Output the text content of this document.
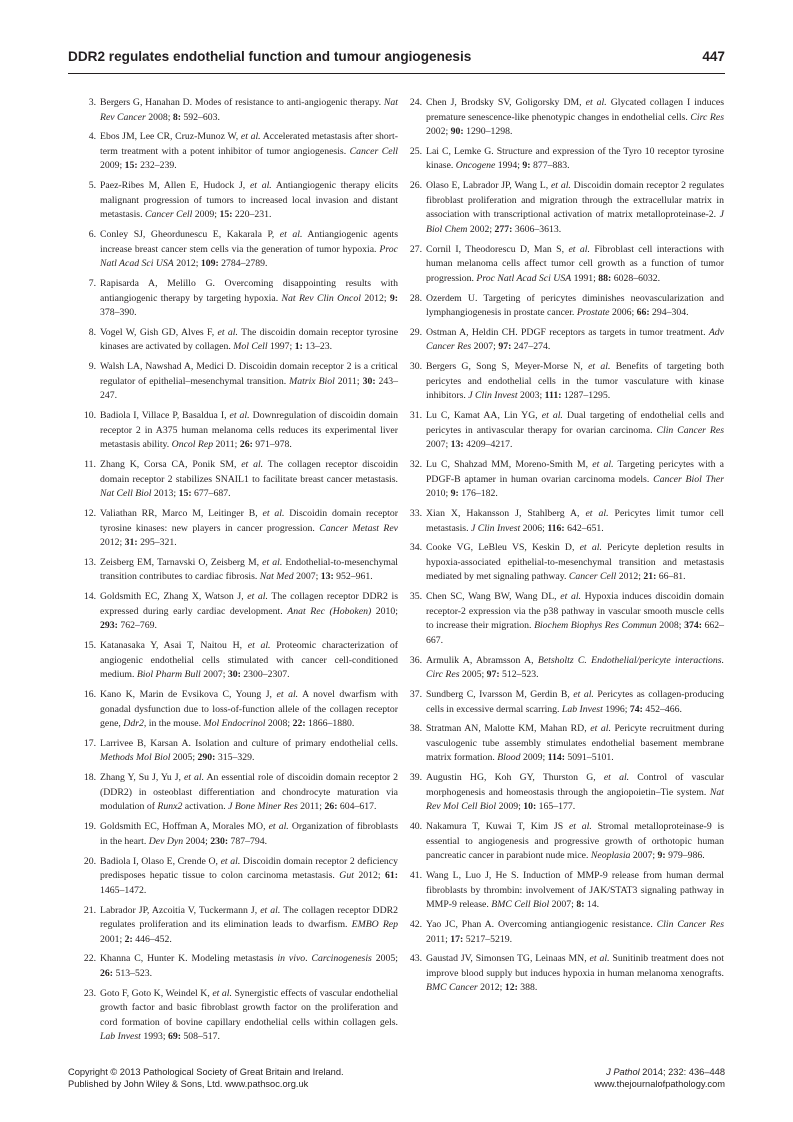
DDR2 regulates endothelial function and tumour angiogenesis	447
3. Bergers G, Hanahan D. Modes of resistance to anti-angiogenic therapy. Nat Rev Cancer 2008; 8: 592–603.
4. Ebos JM, Lee CR, Cruz-Munoz W, et al. Accelerated metastasis after short-term treatment with a potent inhibitor of tumor angiogenesis. Cancer Cell 2009; 15: 232–239.
5. Paez-Ribes M, Allen E, Hudock J, et al. Antiangiogenic therapy elicits malignant progression of tumors to increased local invasion and distant metastasis. Cancer Cell 2009; 15: 220–231.
6. Conley SJ, Gheordunescu E, Kakarala P, et al. Antiangiogenic agents increase breast cancer stem cells via the generation of tumor hypoxia. Proc Natl Acad Sci USA 2012; 109: 2784–2789.
7. Rapisarda A, Melillo G. Overcoming disappointing results with antiangiogenic therapy by targeting hypoxia. Nat Rev Clin Oncol 2012; 9: 378–390.
8. Vogel W, Gish GD, Alves F, et al. The discoidin domain receptor tyrosine kinases are activated by collagen. Mol Cell 1997; 1: 13–23.
9. Walsh LA, Nawshad A, Medici D. Discoidin domain receptor 2 is a critical regulator of epithelial–mesenchymal transition. Matrix Biol 2011; 30: 243–247.
10. Badiola I, Villace P, Basaldua I, et al. Downregulation of discoidin domain receptor 2 in A375 human melanoma cells reduces its experimental liver metastasis ability. Oncol Rep 2011; 26: 971–978.
11. Zhang K, Corsa CA, Ponik SM, et al. The collagen receptor discoidin domain receptor 2 stabilizes SNAIL1 to facilitate breast cancer metastasis. Nat Cell Biol 2013; 15: 677–687.
12. Valiathan RR, Marco M, Leitinger B, et al. Discoidin domain receptor tyrosine kinases: new players in cancer progression. Cancer Metast Rev 2012; 31: 295–321.
13. Zeisberg EM, Tarnavski O, Zeisberg M, et al. Endothelial-to-mesenchymal transition contributes to cardiac fibrosis. Nat Med 2007; 13: 952–961.
14. Goldsmith EC, Zhang X, Watson J, et al. The collagen receptor DDR2 is expressed during early cardiac development. Anat Rec (Hoboken) 2010; 293: 762–769.
15. Katanasaka Y, Asai T, Naitou H, et al. Proteomic characterization of angiogenic endothelial cells stimulated with cancer cell-conditioned medium. Biol Pharm Bull 2007; 30: 2300–2307.
16. Kano K, Marin de Evsikova C, Young J, et al. A novel dwarfism with gonadal dysfunction due to loss-of-function allele of the collagen receptor gene, Ddr2, in the mouse. Mol Endocrinol 2008; 22: 1866–1880.
17. Larrivee B, Karsan A. Isolation and culture of primary endothelial cells. Methods Mol Biol 2005; 290: 315–329.
18. Zhang Y, Su J, Yu J, et al. An essential role of discoidin domain receptor 2 (DDR2) in osteoblast differentiation and chondrocyte maturation via modulation of Runx2 activation. J Bone Miner Res 2011; 26: 604–617.
19. Goldsmith EC, Hoffman A, Morales MO, et al. Organization of fibroblasts in the heart. Dev Dyn 2004; 230: 787–794.
20. Badiola I, Olaso E, Crende O, et al. Discoidin domain receptor 2 deficiency predisposes hepatic tissue to colon carcinoma metastasis. Gut 2012; 61: 1465–1472.
21. Labrador JP, Azcoitia V, Tuckermann J, et al. The collagen receptor DDR2 regulates proliferation and its elimination leads to dwarfism. EMBO Rep 2001; 2: 446–452.
22. Khanna C, Hunter K. Modeling metastasis in vivo. Carcinogenesis 2005; 26: 513–523.
23. Goto F, Goto K, Weindel K, et al. Synergistic effects of vascular endothelial growth factor and basic fibroblast growth factor on the proliferation and cord formation of bovine capillary endothelial cells within collagen gels. Lab Invest 1993; 69: 508–517.
24. Chen J, Brodsky SV, Goligorsky DM, et al. Glycated collagen I induces premature senescence-like phenotypic changes in endothelial cells. Circ Res 2002; 90: 1290–1298.
25. Lai C, Lemke G. Structure and expression of the Tyro 10 receptor tyrosine kinase. Oncogene 1994; 9: 877–883.
26. Olaso E, Labrador JP, Wang L, et al. Discoidin domain receptor 2 regulates fibroblast proliferation and migration through the extracellular matrix in association with transcriptional activation of matrix metalloproteinase-2. J Biol Chem 2002; 277: 3606–3613.
27. Cornil I, Theodorescu D, Man S, et al. Fibroblast cell interactions with human melanoma cells affect tumor cell growth as a function of tumor progression. Proc Natl Acad Sci USA 1991; 88: 6028–6032.
28. Ozerdem U. Targeting of pericytes diminishes neovascularization and lymphangiogenesis in prostate cancer. Prostate 2006; 66: 294–304.
29. Ostman A, Heldin CH. PDGF receptors as targets in tumor treatment. Adv Cancer Res 2007; 97: 247–274.
30. Bergers G, Song S, Meyer-Morse N, et al. Benefits of targeting both pericytes and endothelial cells in the tumor vasculature with kinase inhibitors. J Clin Invest 2003; 111: 1287–1295.
31. Lu C, Kamat AA, Lin YG, et al. Dual targeting of endothelial cells and pericytes in antivascular therapy for ovarian carcinoma. Clin Cancer Res 2007; 13: 4209–4217.
32. Lu C, Shahzad MM, Moreno-Smith M, et al. Targeting pericytes with a PDGF-B aptamer in human ovarian carcinoma models. Cancer Biol Ther 2010; 9: 176–182.
33. Xian X, Hakansson J, Stahlberg A, et al. Pericytes limit tumor cell metastasis. J Clin Invest 2006; 116: 642–651.
34. Cooke VG, LeBleu VS, Keskin D, et al. Pericyte depletion results in hypoxia-associated epithelial-to-mesenchymal transition and metastasis mediated by met signaling pathway. Cancer Cell 2012; 21: 66–81.
35. Chen SC, Wang BW, Wang DL, et al. Hypoxia induces discoidin domain receptor-2 expression via the p38 pathway in vascular smooth muscle cells to increase their migration. Biochem Biophys Res Commun 2008; 374: 662–667.
36. Armulik A, Abramsson A, Betsholtz C. Endothelial/pericyte interactions. Circ Res 2005; 97: 512–523.
37. Sundberg C, Ivarsson M, Gerdin B, et al. Pericytes as collagen-producing cells in excessive dermal scarring. Lab Invest 1996; 74: 452–466.
38. Stratman AN, Malotte KM, Mahan RD, et al. Pericyte recruitment during vasculogenic tube assembly stimulates endothelial basement membrane matrix formation. Blood 2009; 114: 5091–5101.
39. Augustin HG, Koh GY, Thurston G, et al. Control of vascular morphogenesis and homeostasis through the angiopoietin–Tie system. Nat Rev Mol Cell Biol 2009; 10: 165–177.
40. Nakamura T, Kuwai T, Kim JS et al. Stromal metalloproteinase-9 is essential to angiogenesis and progressive growth of orthotopic human pancreatic cancer in parabiont nude mice. Neoplasia 2007; 9: 979–986.
41. Wang L, Luo J, He S. Induction of MMP-9 release from human dermal fibroblasts by thrombin: involvement of JAK/STAT3 signaling pathway in MMP-9 release. BMC Cell Biol 2007; 8: 14.
42. Yao JC, Phan A. Overcoming antiangiogenic resistance. Clin Cancer Res 2011; 17: 5217–5219.
43. Gaustad JV, Simonsen TG, Leinaas MN, et al. Sunitinib treatment does not improve blood supply but induces hypoxia in human melanoma xenografts. BMC Cancer 2012; 12: 388.
Copyright © 2013 Pathological Society of Great Britain and Ireland.
Published by John Wiley & Sons, Ltd. www.pathsoc.org.uk
J Pathol 2014; 232: 436–448
www.thejournalofpathology.com
